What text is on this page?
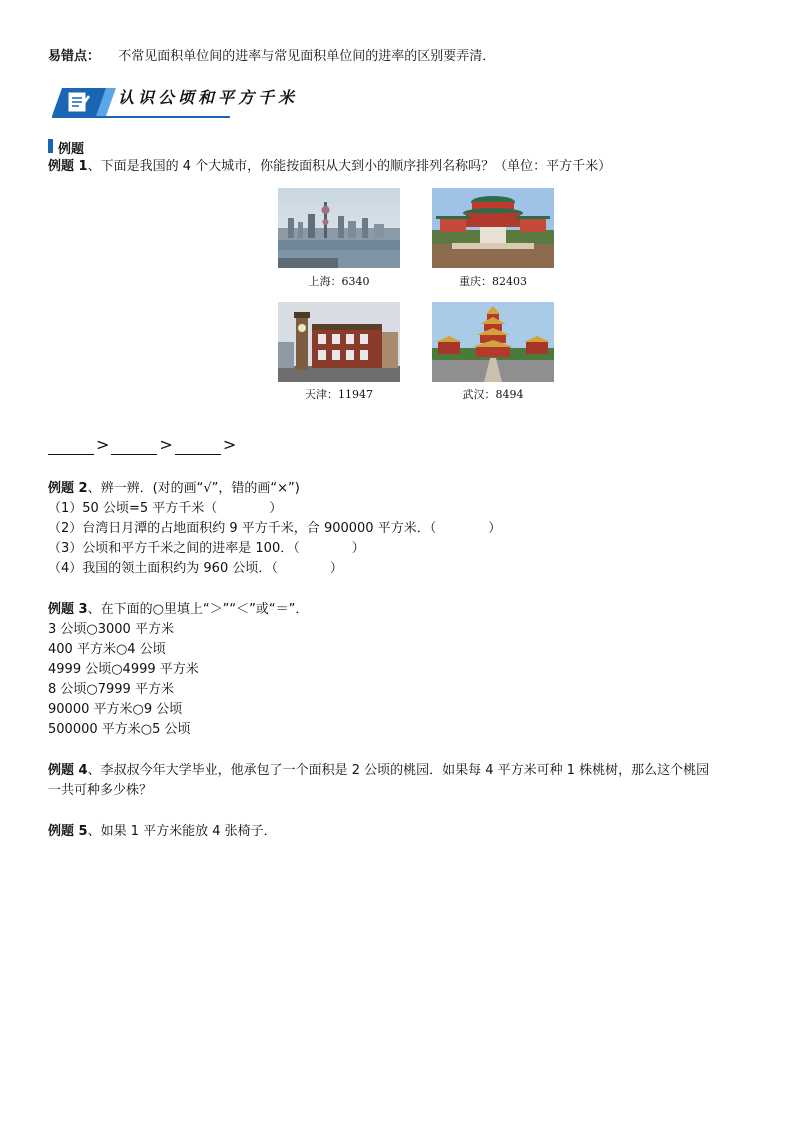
易错点： 不常见面积单位间的进率与常见面积单位间的进率的区别要弄清．
认识公顷和平方千米
例题
例题 1、下面是我国的 4 个大城市，你能按面积从大到小的顺序排列名称吗？（单位：平方千米）
上海：6340	重庆：82403
天津：11947	武汉：8494
>	>	>
例题 2、辨一辨．(对的画“√”，错的画“×”)
（1）50 公顷=5 平方千米（　　　　）
（2）台湾日月潭的占地面积约 9 平方千米，合 900000 平方米．（　　　　）
（3）公顷和平方千米之间的进率是 100．（　　　　）
（4）我国的领土面积约为 960 公顷．（　　　　）
例题 3、在下面的○里填上“＞”“＜”或“＝”．
3 公顷○3000 平方米
400 平方米○4 公顷
4999 公顷○4999 平方米
8 公顷○7999 平方米
90000 平方米○9 公顷
500000 平方米○5 公顷
例题 4、李叔叔今年大学毕业，他承包了一个面积是 2 公顷的桃园．如果每 4 平方米可种 1 株桃树，那么这个桃园
一共可种多少株？
例题 5、如果 1 平方米能放 4 张椅子．
